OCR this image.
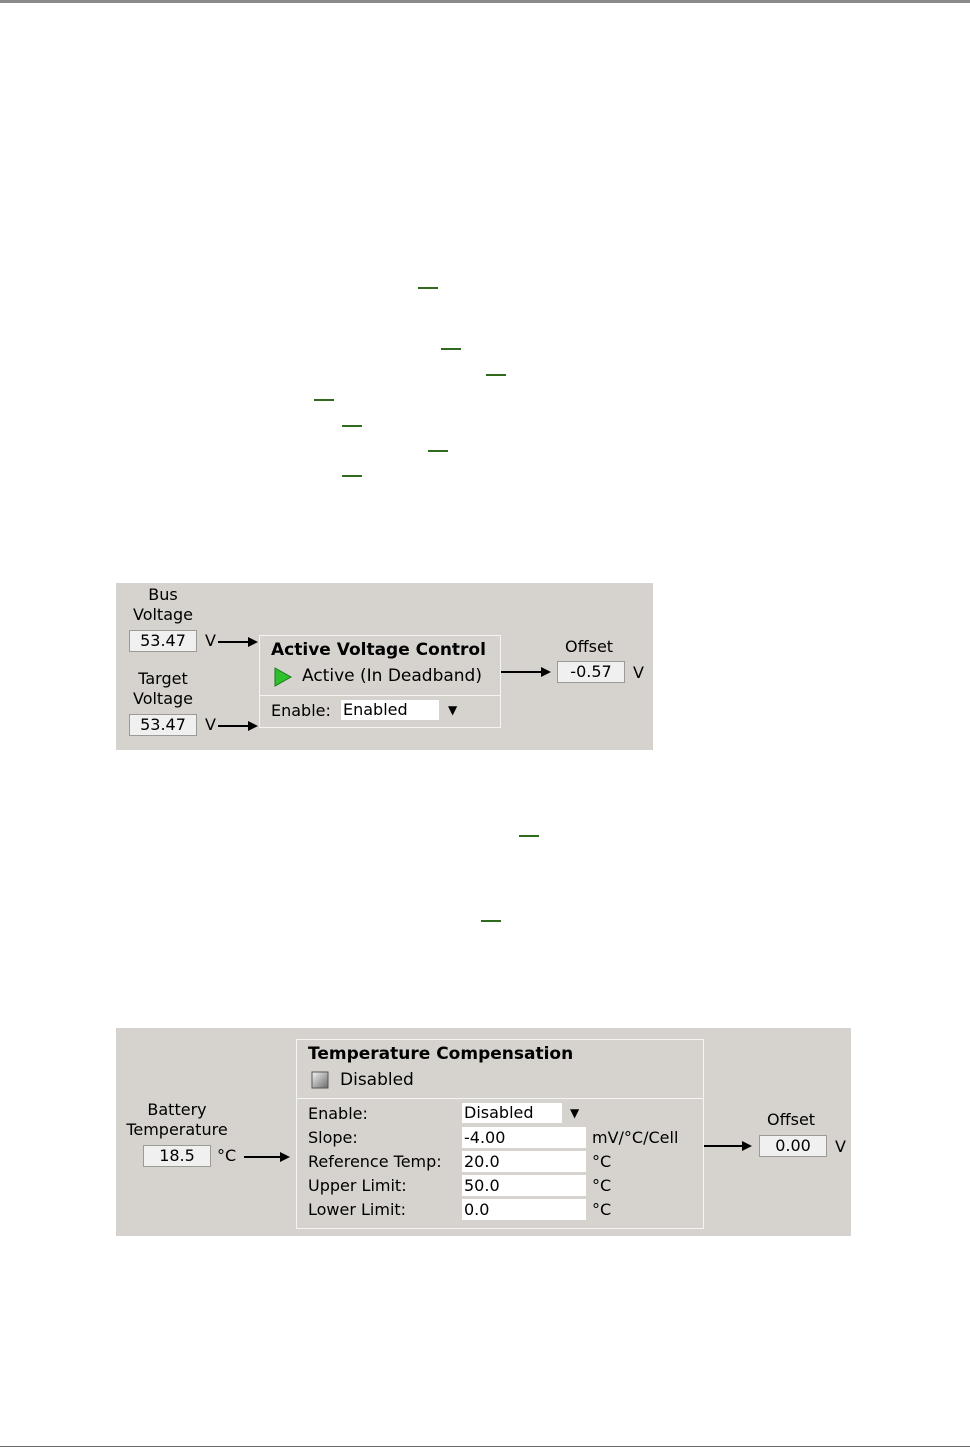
Bus
Voltage
53.47	V
Target
Voltage
53.47	V
Active Voltage Control
Active (In Deadband)
Enable: Enabled	▼
Offset
-0.57	V
Battery
Temperature
18.5	°C
Temperature Compensation
Disabled
Enable:	Disabled	▼
Slope:
-4.00	mV/°C/Cell
Reference Temp:
20.0	°C
Upper Limit:
50.0	°C
Lower Limit:
0.0	°C
Offset
0.00	V
